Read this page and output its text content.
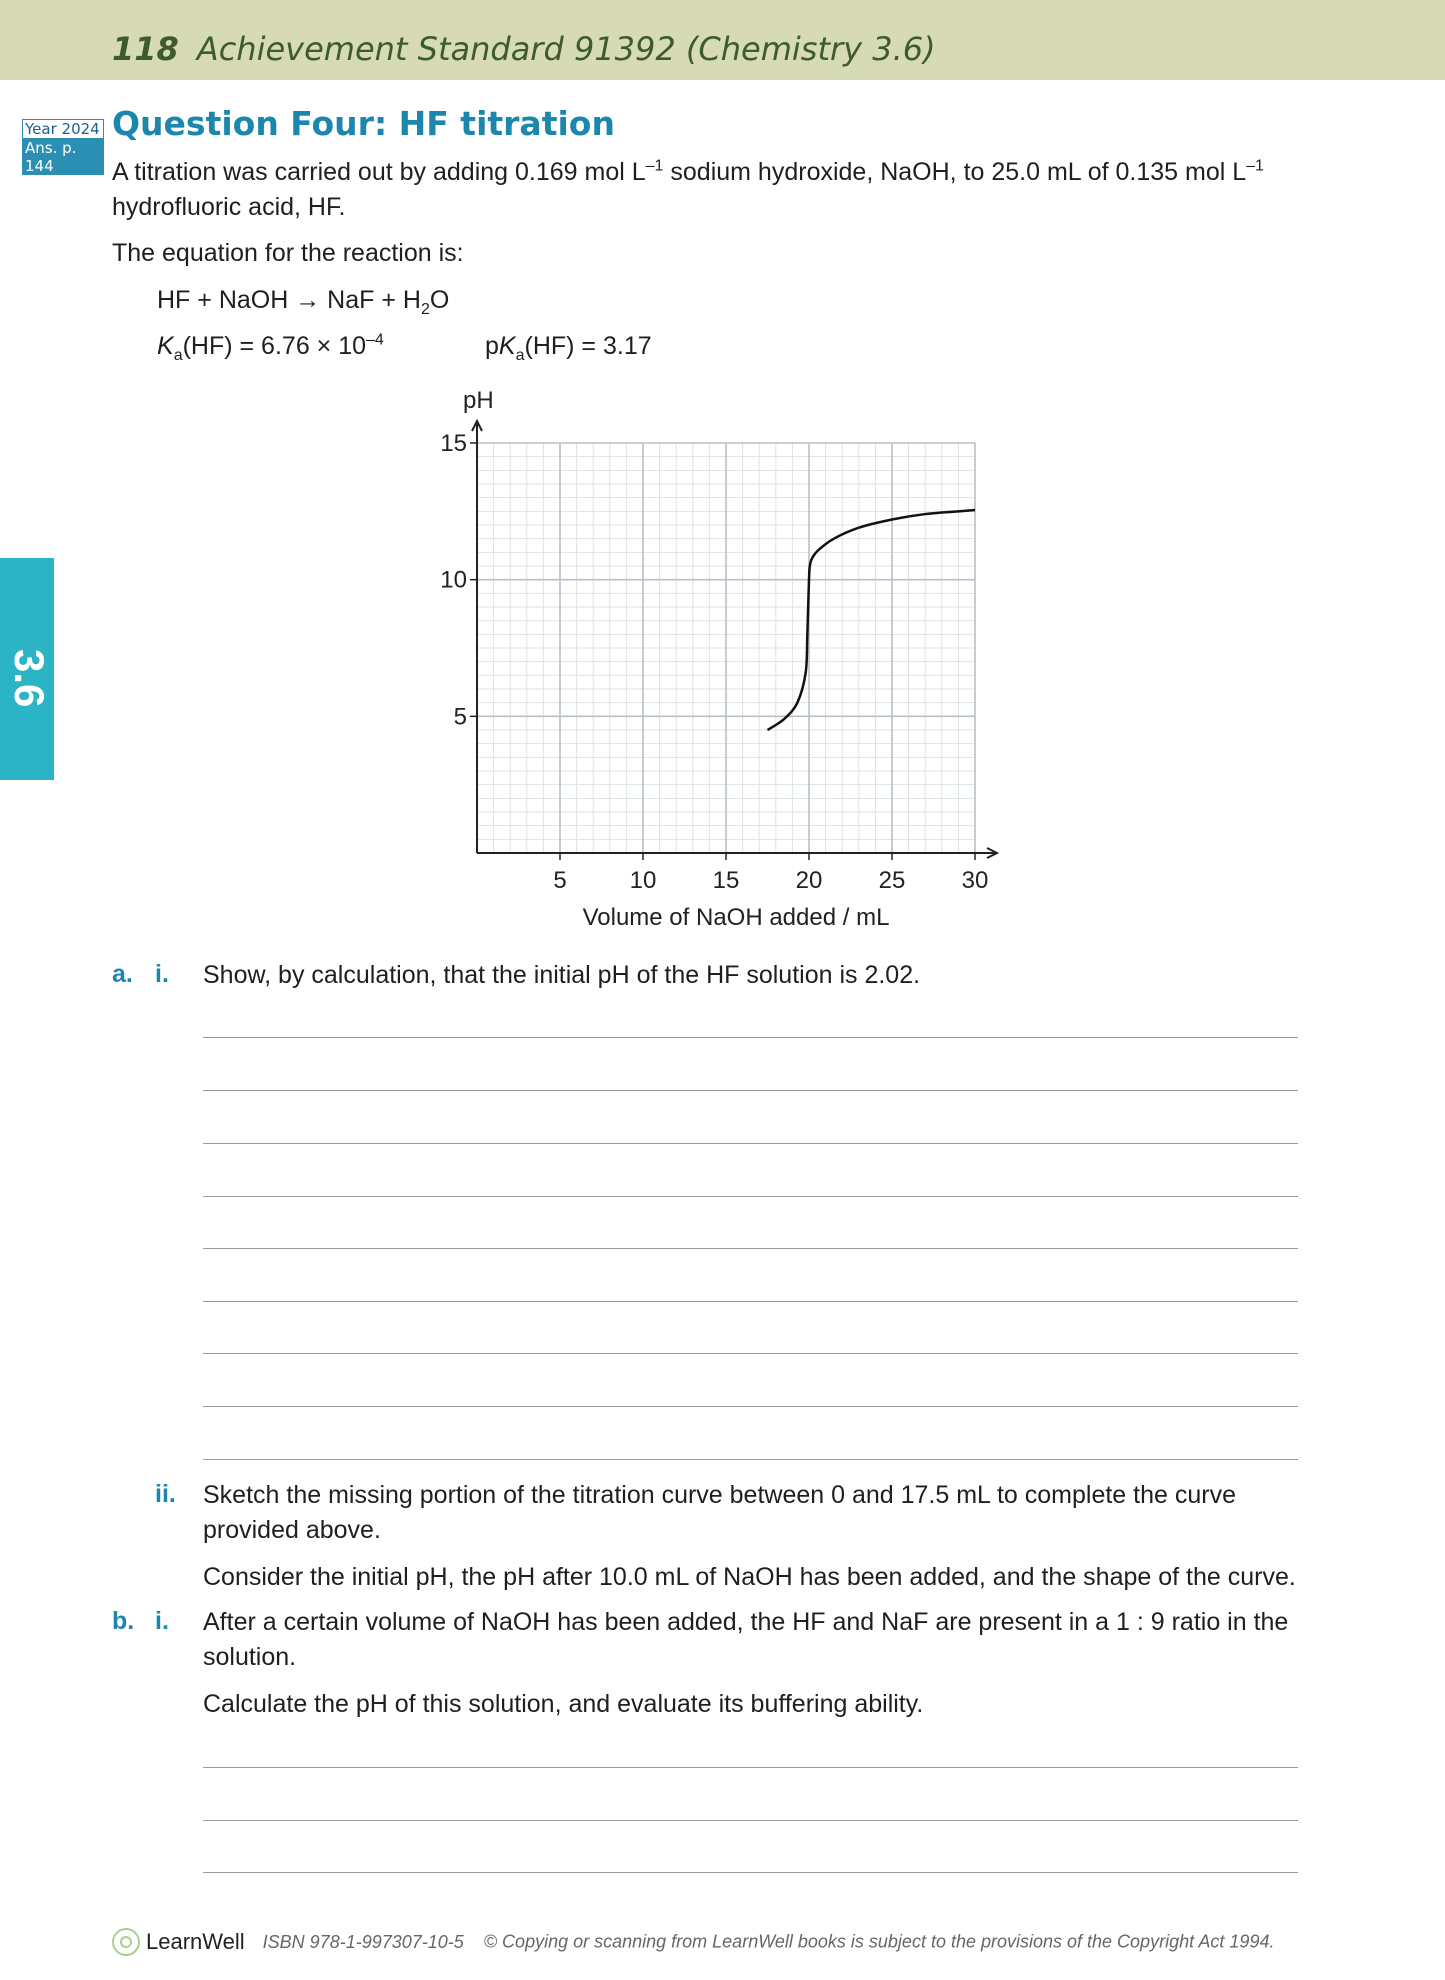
118 Achievement Standard 91392 (Chemistry 3.6)
Year 2024
Ans. p. 144
Question Four: HF titration
3.6
A titration was carried out by adding 0.169 mol $L^{-1}$ sodium hydroxide, NaOH, to 25.0 mL of 0.135 mol $L^{-1}$
hydrofluoric acid, HF.
The equation for the reaction is:
HF + NaOH → NaF + $H_2O$
$K_a(HF) = 6.76 \times 10^{-4}$	$pK_a(HF) = 3.17$
5	10 15 20 25 30
5
10
15
pH
Volume of NaOH added / mL
a. i. Show, by calculation, that the initial pH of the HF solution is 2.02.
ii. Sketch the missing portion of the titration curve between 0 and 17.5 mL to complete the curve
provided above.
Consider the initial pH, the pH after 10.0 mL of NaOH has been added, and the shape of the curve.
b. i. After a certain volume of NaOH has been added, the HF and NaF are present in a 1 : 9 ratio in the
solution.
Calculate the pH of this solution, and evaluate its buffering ability.
LearnWell ISBN 978-1-997307-10-5 © Copying or scanning from LearnWell books is subject to the provisions of the Copyright Act 1994.
